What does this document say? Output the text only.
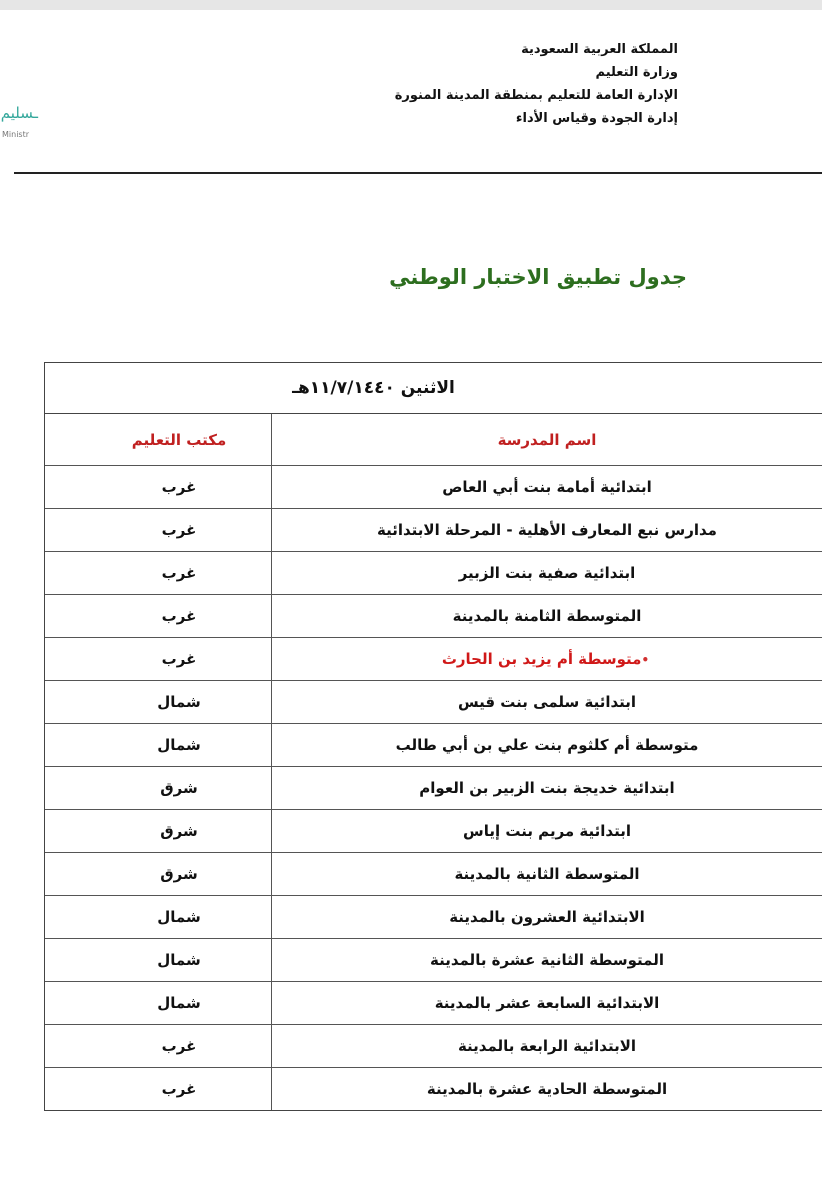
المملكة العربية السعودية
وزارة التعليم
الإدارة العامة للتعليم بمنطقة المدينة المنورة
إدارة الجودة وقياس الأداء
ـسليم
Ministr
جدول تطبيق الاختبار الوطني
الاثنين ١١/٧/١٤٤٠هـ
اسم المدرسة	مكتب التعليم
ابتدائية أمامة بنت أبي العاص	غرب
مدارس نبع المعارف الأهلية - المرحلة الابتدائية	غرب
ابتدائية صفية بنت الزبير	غرب
المتوسطة الثامنة بالمدينة	غرب
•متوسطة أم يزيد بن الحارث	غرب
ابتدائية سلمى بنت قيس	شمال
متوسطة أم كلثوم بنت علي بن أبي طالب	شمال
ابتدائية خديجة بنت الزبير بن العوام	شرق
ابتدائية مريم بنت إياس	شرق
المتوسطة الثانية بالمدينة	شرق
الابتدائية العشرون بالمدينة	شمال
المتوسطة الثانية عشرة بالمدينة	شمال
الابتدائية السابعة عشر بالمدينة	شمال
الابتدائية الرابعة بالمدينة	غرب
المتوسطة الحادية عشرة بالمدينة	غرب
